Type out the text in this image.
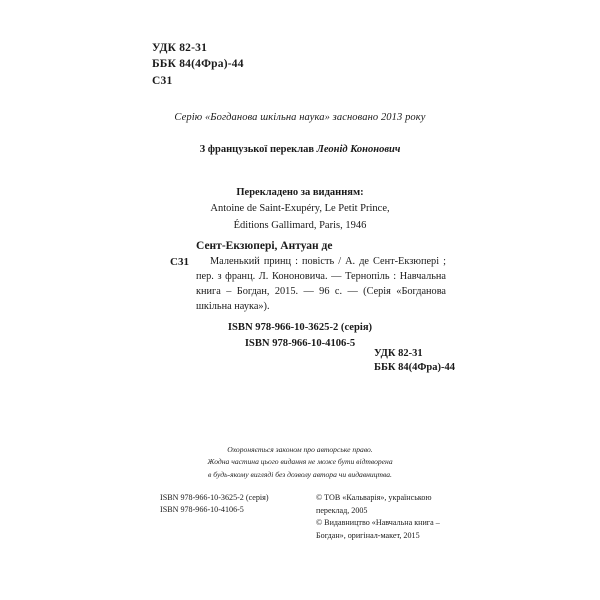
УДК 82-31
ББК 84(4Фра)-44
С31
Серію «Богданова шкільна наука» засновано 2013 року
З французької переклав Леонід Кононович
Перекладено за виданням:
Antoine de Saint-Exupéry, Le Petit Prince,
Éditions Gallimard, Paris, 1946
Сент-Екзюпері, Антуан де
С31	Маленький принц : повість / А. де Сент-Екзюпері ; пер. з франц. Л. Кононовича. — Тернопіль : Навчальна книга – Богдан, 2015. — 96 с. — (Серія «Богданова шкільна наука»).

ISBN 978-966-10-3625-2 (серія)
ISBN 978-966-10-4106-5
УДК 82-31
ББК 84(4Фра)-44
Охороняється законом про авторське право.
Жодна частина цього видання не може бути відтворена
в будь-якому вигляді без дозволу автора чи видавництва.
ISBN 978-966-10-3625-2 (серія)
ISBN 978-966-10-4106-5
© ТОВ «Кальварія», українською
переклад, 2005
© Видавництво «Навчальна книга –
Богдан», оригінал-макет, 2015
